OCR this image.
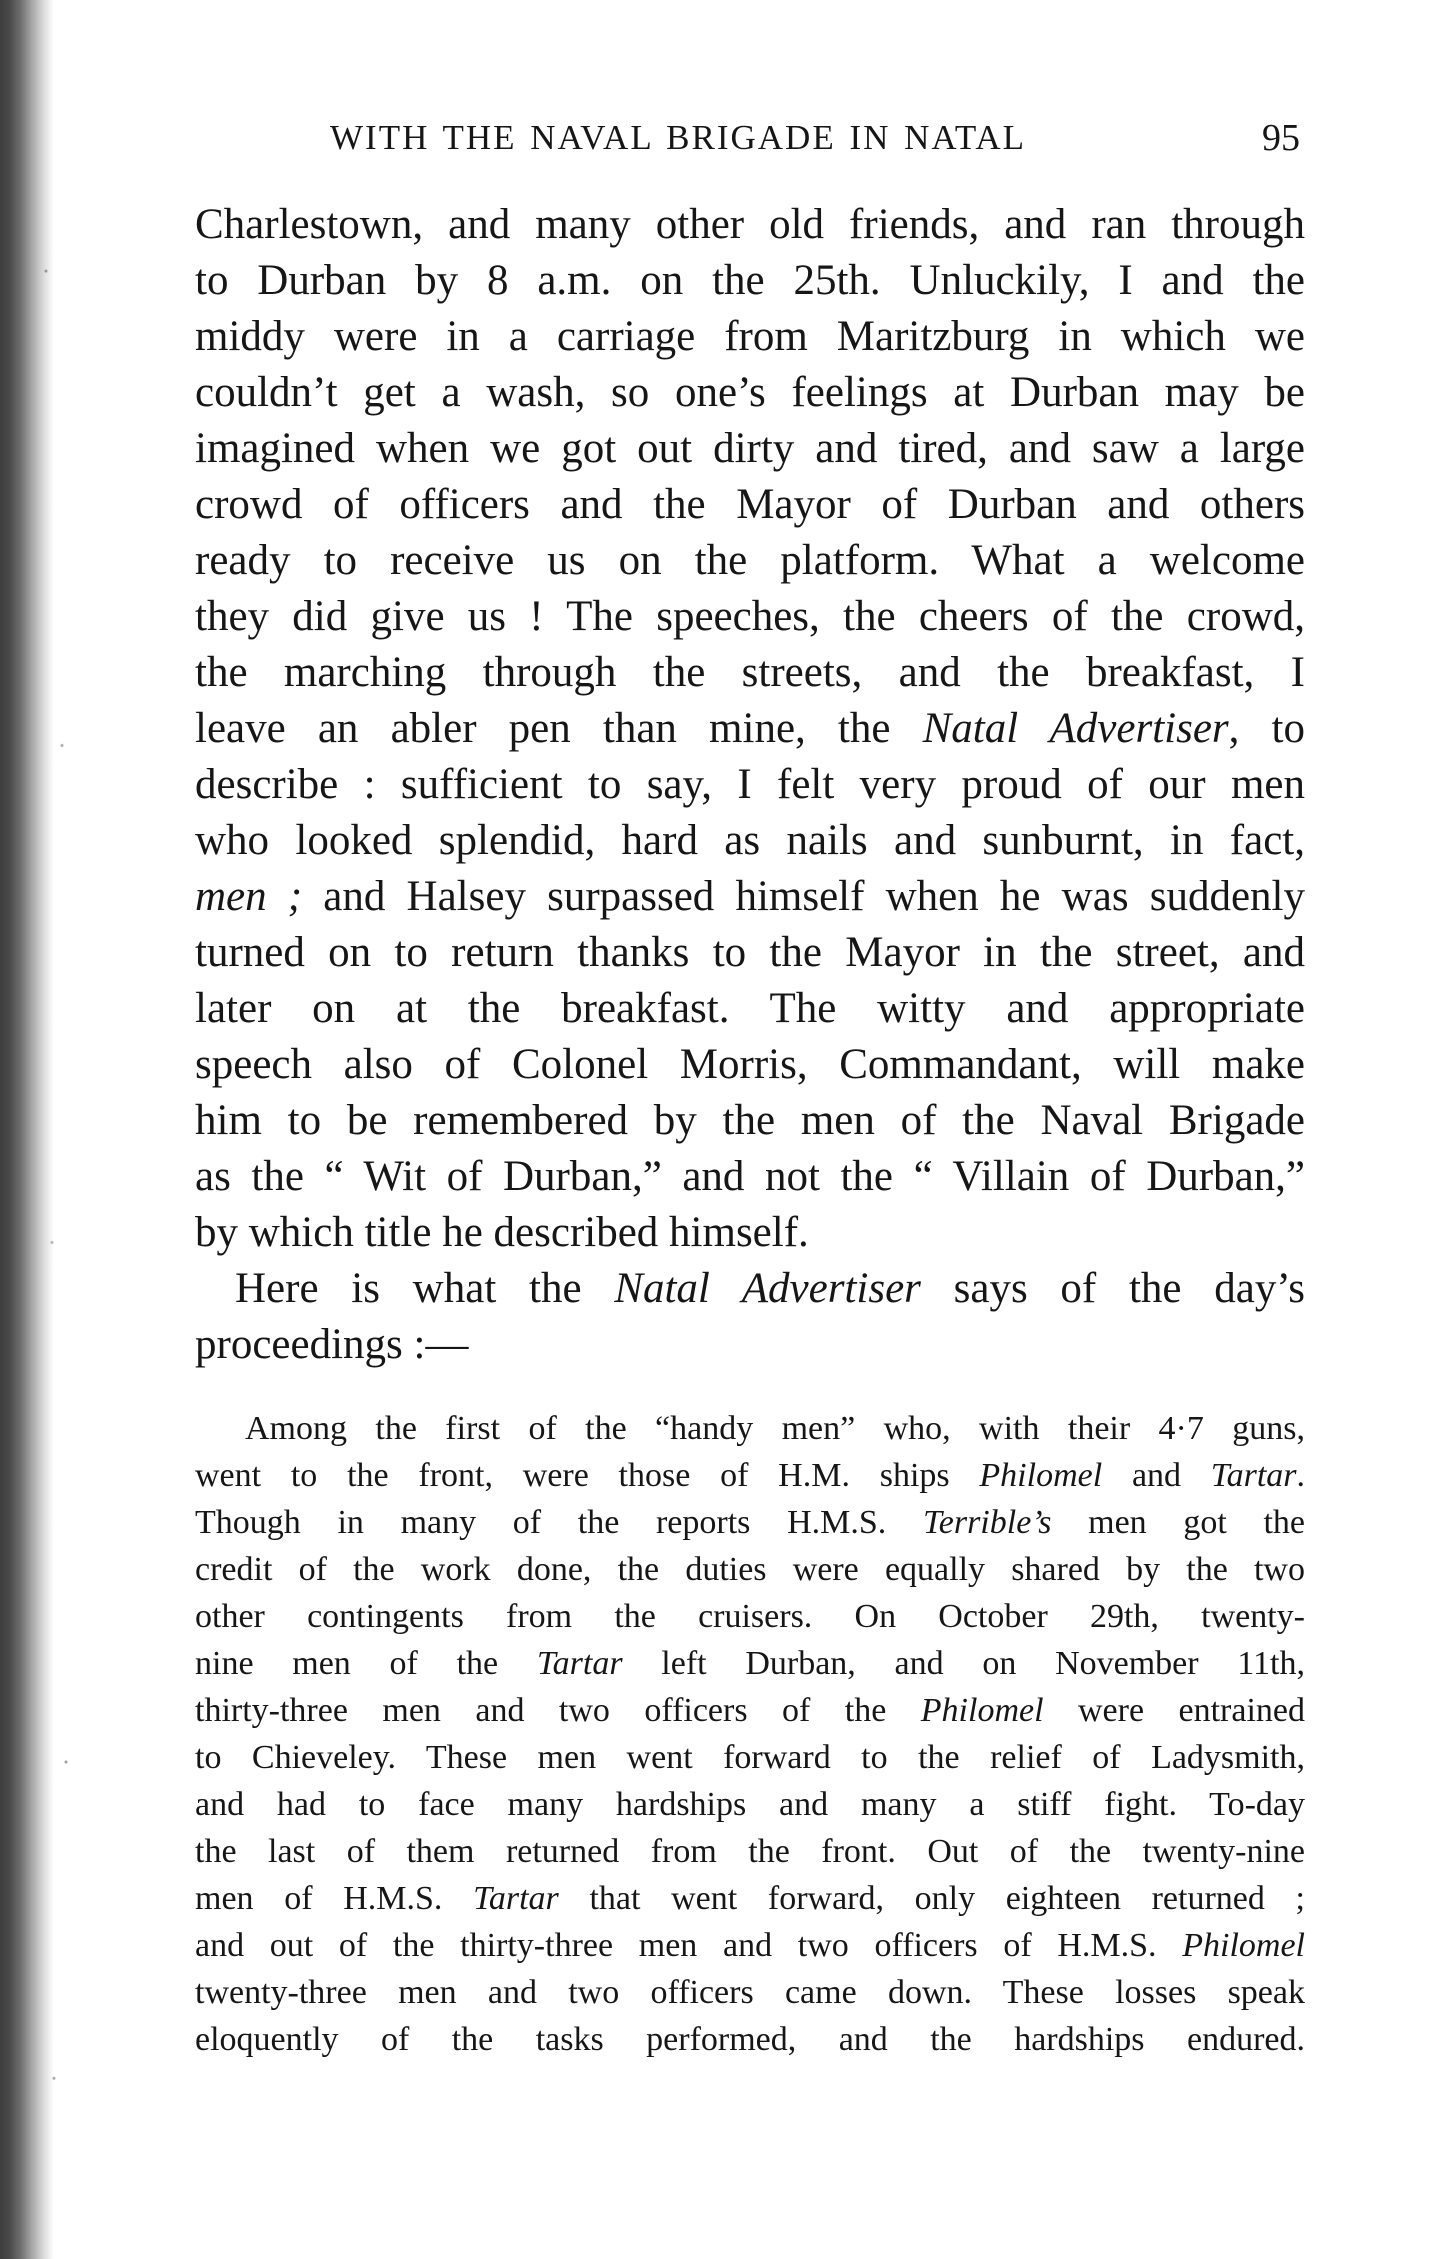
WITH THE NAVAL BRIGADE IN NATAL	95
Charlestown, and many other old friends, and ran through
to Durban by 8 a.m. on the 25th. Unluckily, I and the
middy were in a carriage from Maritzburg in which we
couldn’t get a wash, so one’s feelings at Durban may be
imagined when we got out dirty and tired, and saw a large
crowd of officers and the Mayor of Durban and others
ready to receive us on the platform. What a welcome
they did give us ! The speeches, the cheers of the crowd,
the marching through the streets, and the breakfast, I
leave an abler pen than mine, the Natal Advertiser, to
describe : sufficient to say, I felt very proud of our men
who looked splendid, hard as nails and sunburnt, in fact,
men ; and Halsey surpassed himself when he was suddenly
turned on to return thanks to the Mayor in the street, and
later on at the breakfast. The witty and appropriate
speech also of Colonel Morris, Commandant, will make
him to be remembered by the men of the Naval Brigade
as the “ Wit of Durban,” and not the “ Villain of Durban,”
by which title he described himself.
Here is what the Natal Advertiser says of the day’s
proceedings :—
Among the first of the “handy men” who, with their 4·7 guns,
went to the front, were those of H.M. ships Philomel and Tartar.
Though in many of the reports H.M.S. Terrible’s men got the
credit of the work done, the duties were equally shared by the two
other contingents from the cruisers. On October 29th, twenty-
nine men of the Tartar left Durban, and on November 11th,
thirty-three men and two officers of the Philomel were entrained
to Chieveley. These men went forward to the relief of Ladysmith,
and had to face many hardships and many a stiff fight. To-day
the last of them returned from the front. Out of the twenty-nine
men of H.M.S. Tartar that went forward, only eighteen returned ;
and out of the thirty-three men and two officers of H.M.S. Philomel
twenty-three men and two officers came down. These losses speak
eloquently of the tasks performed, and the hardships endured.
